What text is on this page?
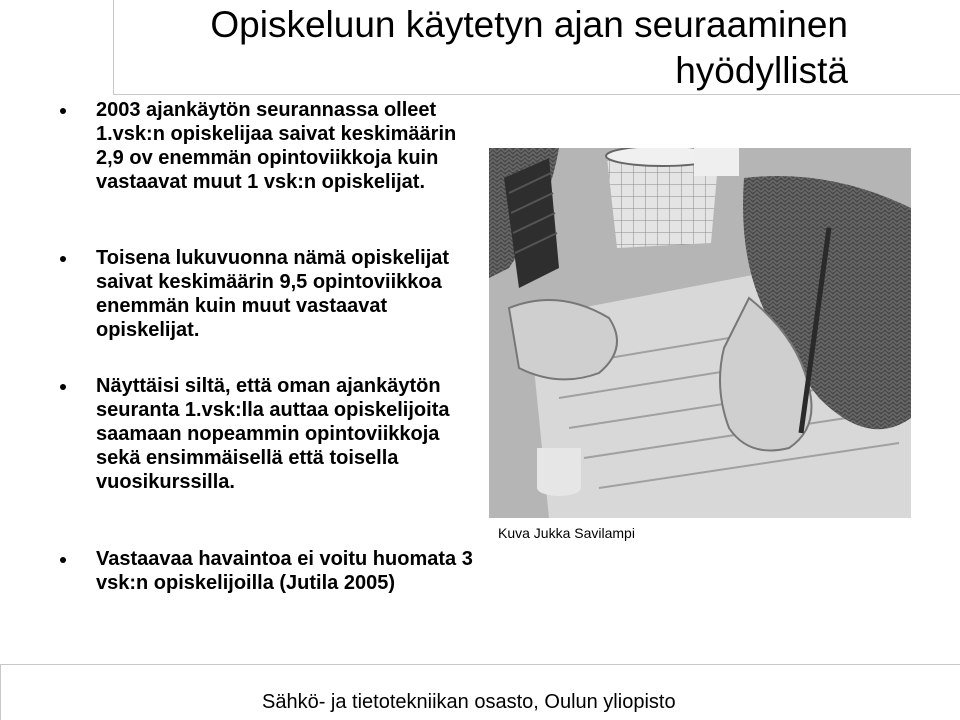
Opiskeluun käytetyn ajan seuraaminen hyödyllistä
2003 ajankäytön seurannassa olleet 1.vsk:n opiskelijaa saivat keskimäärin 2,9 ov enemmän opintoviikkoja kuin vastaavat muut 1 vsk:n opiskelijat.
Toisena lukuvuonna nämä opiskelijat saivat keskimäärin 9,5 opintoviikkoa enemmän kuin muut vastaavat opiskelijat.
Näyttäisi siltä, että oman ajankäytön seuranta 1.vsk:lla auttaa opiskelijoita saamaan nopeammin opintoviikkoja sekä ensimmäisellä että toisella vuosikurssilla.
Vastaavaa havaintoa ei voitu huomata 3 vsk:n opiskelijoilla (Jutila 2005)
Kuva Jukka Savilampi
Sähkö- ja tietotekniikan osasto, Oulun yliopisto
